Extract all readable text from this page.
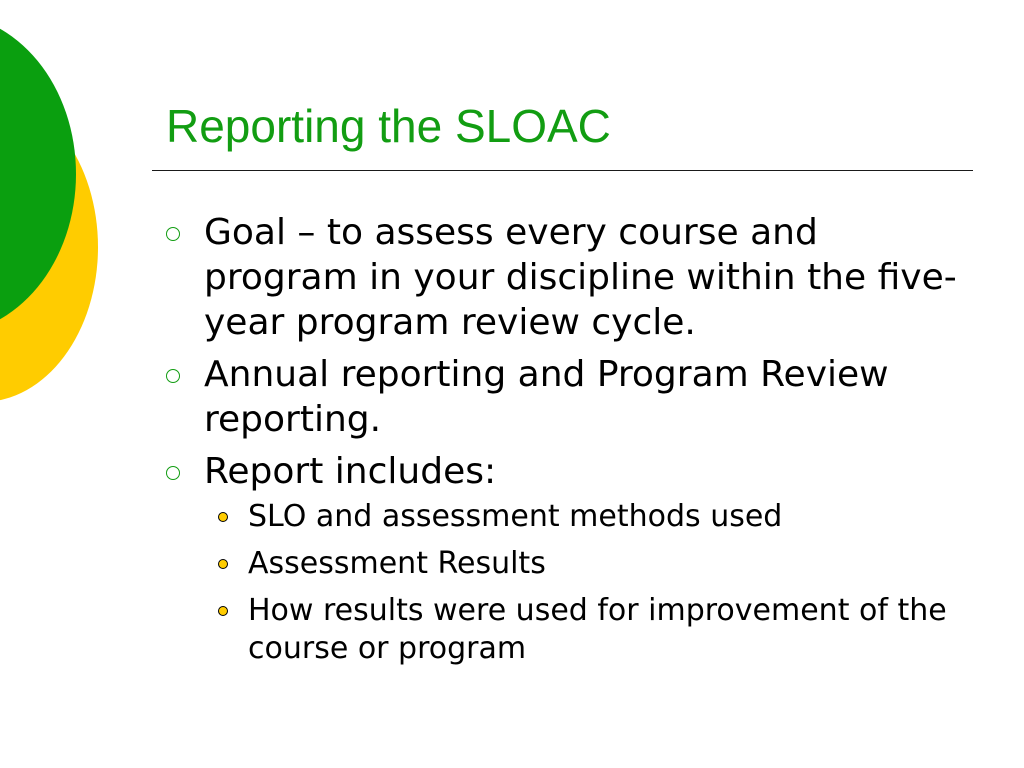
Reporting the SLOAC
Goal – to assess every course and program in your discipline within the five-year program review cycle.
Annual reporting and Program Review reporting.
Report includes:
SLO and assessment methods used
Assessment Results
How results were used for improvement of the course or program
